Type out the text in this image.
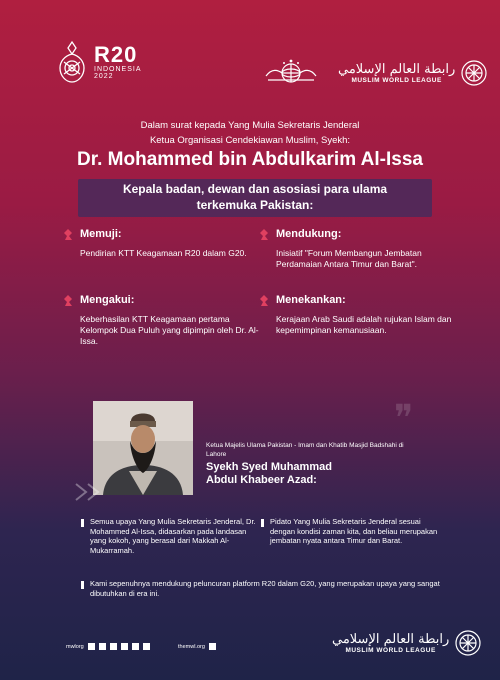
R20
INDONESIA
2022	رابطة العالم الإسلامي
MUSLIM WORLD LEAGUE
Dalam surat kepada Yang Mulia Sekretaris Jenderal
Ketua Organisasi Cendekiawan Muslim, Syekh:
Dr. Mohammed bin Abdulkarim Al-Issa
Kepala badan, dewan dan asosiasi para ulama
terkemuka Pakistan:
Memuji:
Pendirian KTT Keagamaan R20 dalam G20.
Mendukung:
Inisiatif "Forum Membangun Jembatan Perdamaian Antara Timur dan Barat".
Mengakui:
Keberhasilan KTT Keagamaan pertama Kelompok Dua Puluh yang dipimpin oleh Dr. Al-Issa.
Menekankan:
Kerajaan Arab Saudi adalah rujukan Islam dan kepemimpinan kemanusiaan.
❞
Ketua Majelis Ulama Pakistan - Imam dan Khatib Masjid Badshahi di Lahore
Syekh Syed Muhammad
Abdul Khabeer Azad:
Semua upaya Yang Mulia Sekretaris Jenderal, Dr. Mohammed Al-Issa, didasarkan pada landasan yang kokoh, yang berasal dari Makkah Al-Mukarramah.
Pidato Yang Mulia Sekretaris Jenderal sesuai dengan kondisi zaman kita, dan beliau merupakan jembatan nyata antara Timur dan Barat.
Kami sepenuhnya mendukung peluncuran platform R20 dalam G20, yang merupakan upaya yang sangat dibutuhkan di era ini.
mwlorg	themwl.org	رابطة العالم الإسلامي
MUSLIM WORLD LEAGUE
